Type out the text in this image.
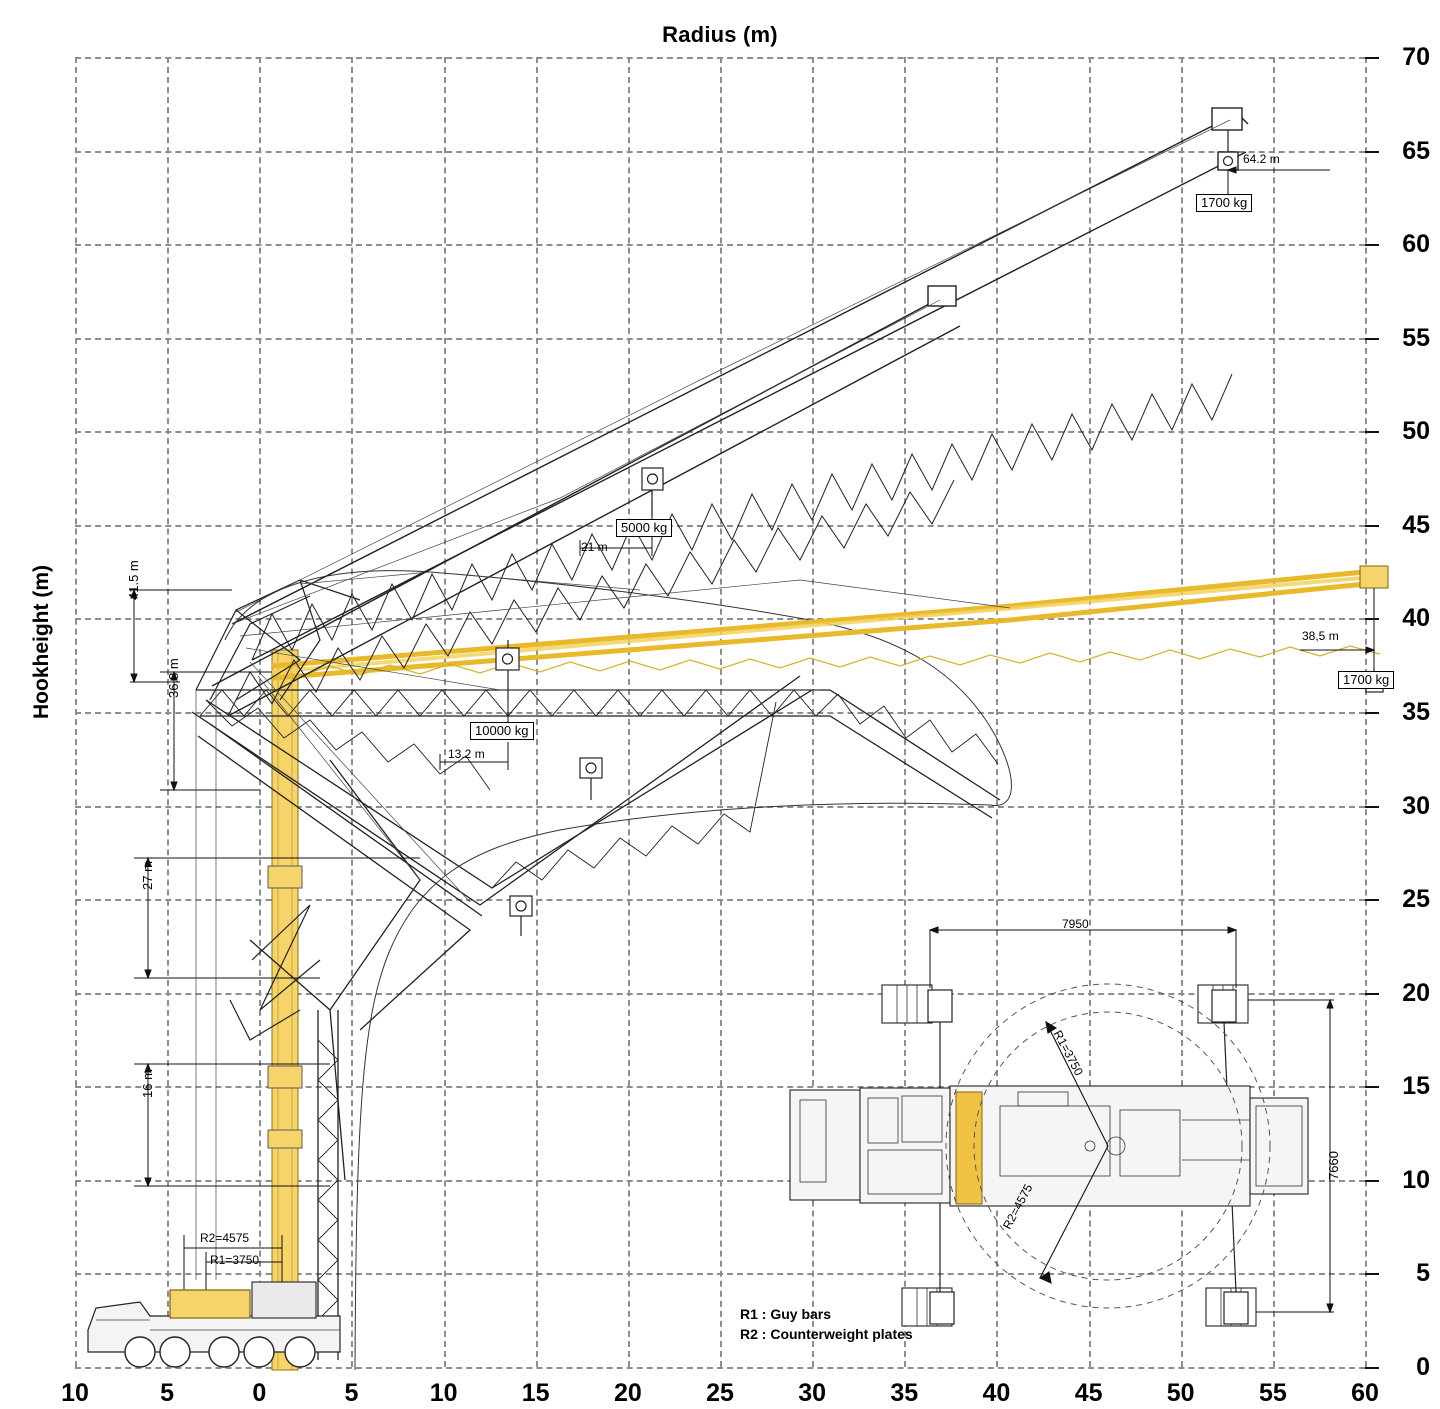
Radius (m)
Hookheight (m)
70
65
60
55
50
45
40
35
30
25
20
15
10
5
0
10	5	0	5	10	15	20	25	30	35	40	45	50	55	60
64.2 m
1700 kg
5000 kg
21 m
38,5 m
1700 kg
10000 kg
13.2 m
41.5 m
36.8 m
27 m
16 m
R2=4575
R1=3750
7950
7660
R1=3750
R2=4575
R1 : Guy bars
R2 : Counterweight plates
